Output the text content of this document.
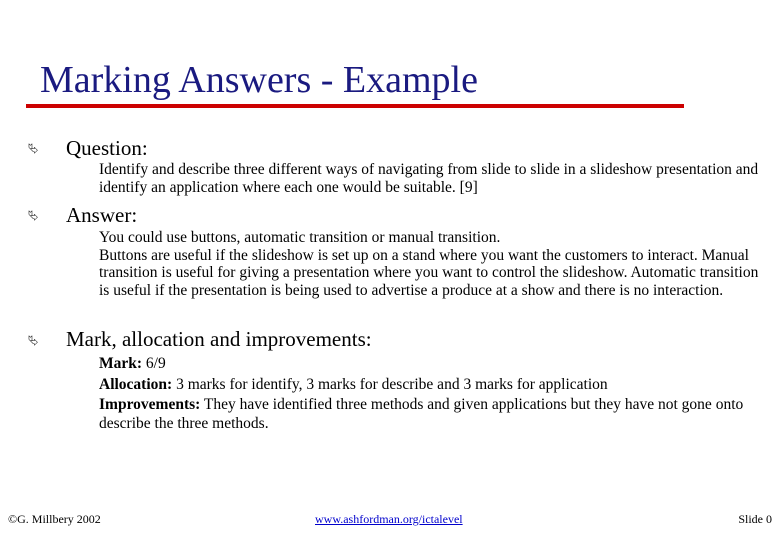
Marking Answers - Example
⮱ Question:

Identify and describe three different ways of navigating from slide to slide in a slideshow presentation and identify an application where each one would be suitable. [9]

⮱ Answer:

You could use buttons, automatic transition or manual transition.

Buttons are useful if the slideshow is set up on a stand where you want the customers to interact. Manual transition is useful for giving a presentation where you want to control the slideshow. Automatic transition is useful if the presentation is being used to advertise a produce at a show and there is no interaction.

⮱ Mark, allocation and improvements:

Mark: 6/9

Allocation: 3 marks for identify, 3 marks for describe and 3 marks for application

Improvements: They have identified three methods and given applications but they have not gone onto describe the three methods.

©G. Millbery 2002	www.ashfordman.org/ictalevel	Slide 0
